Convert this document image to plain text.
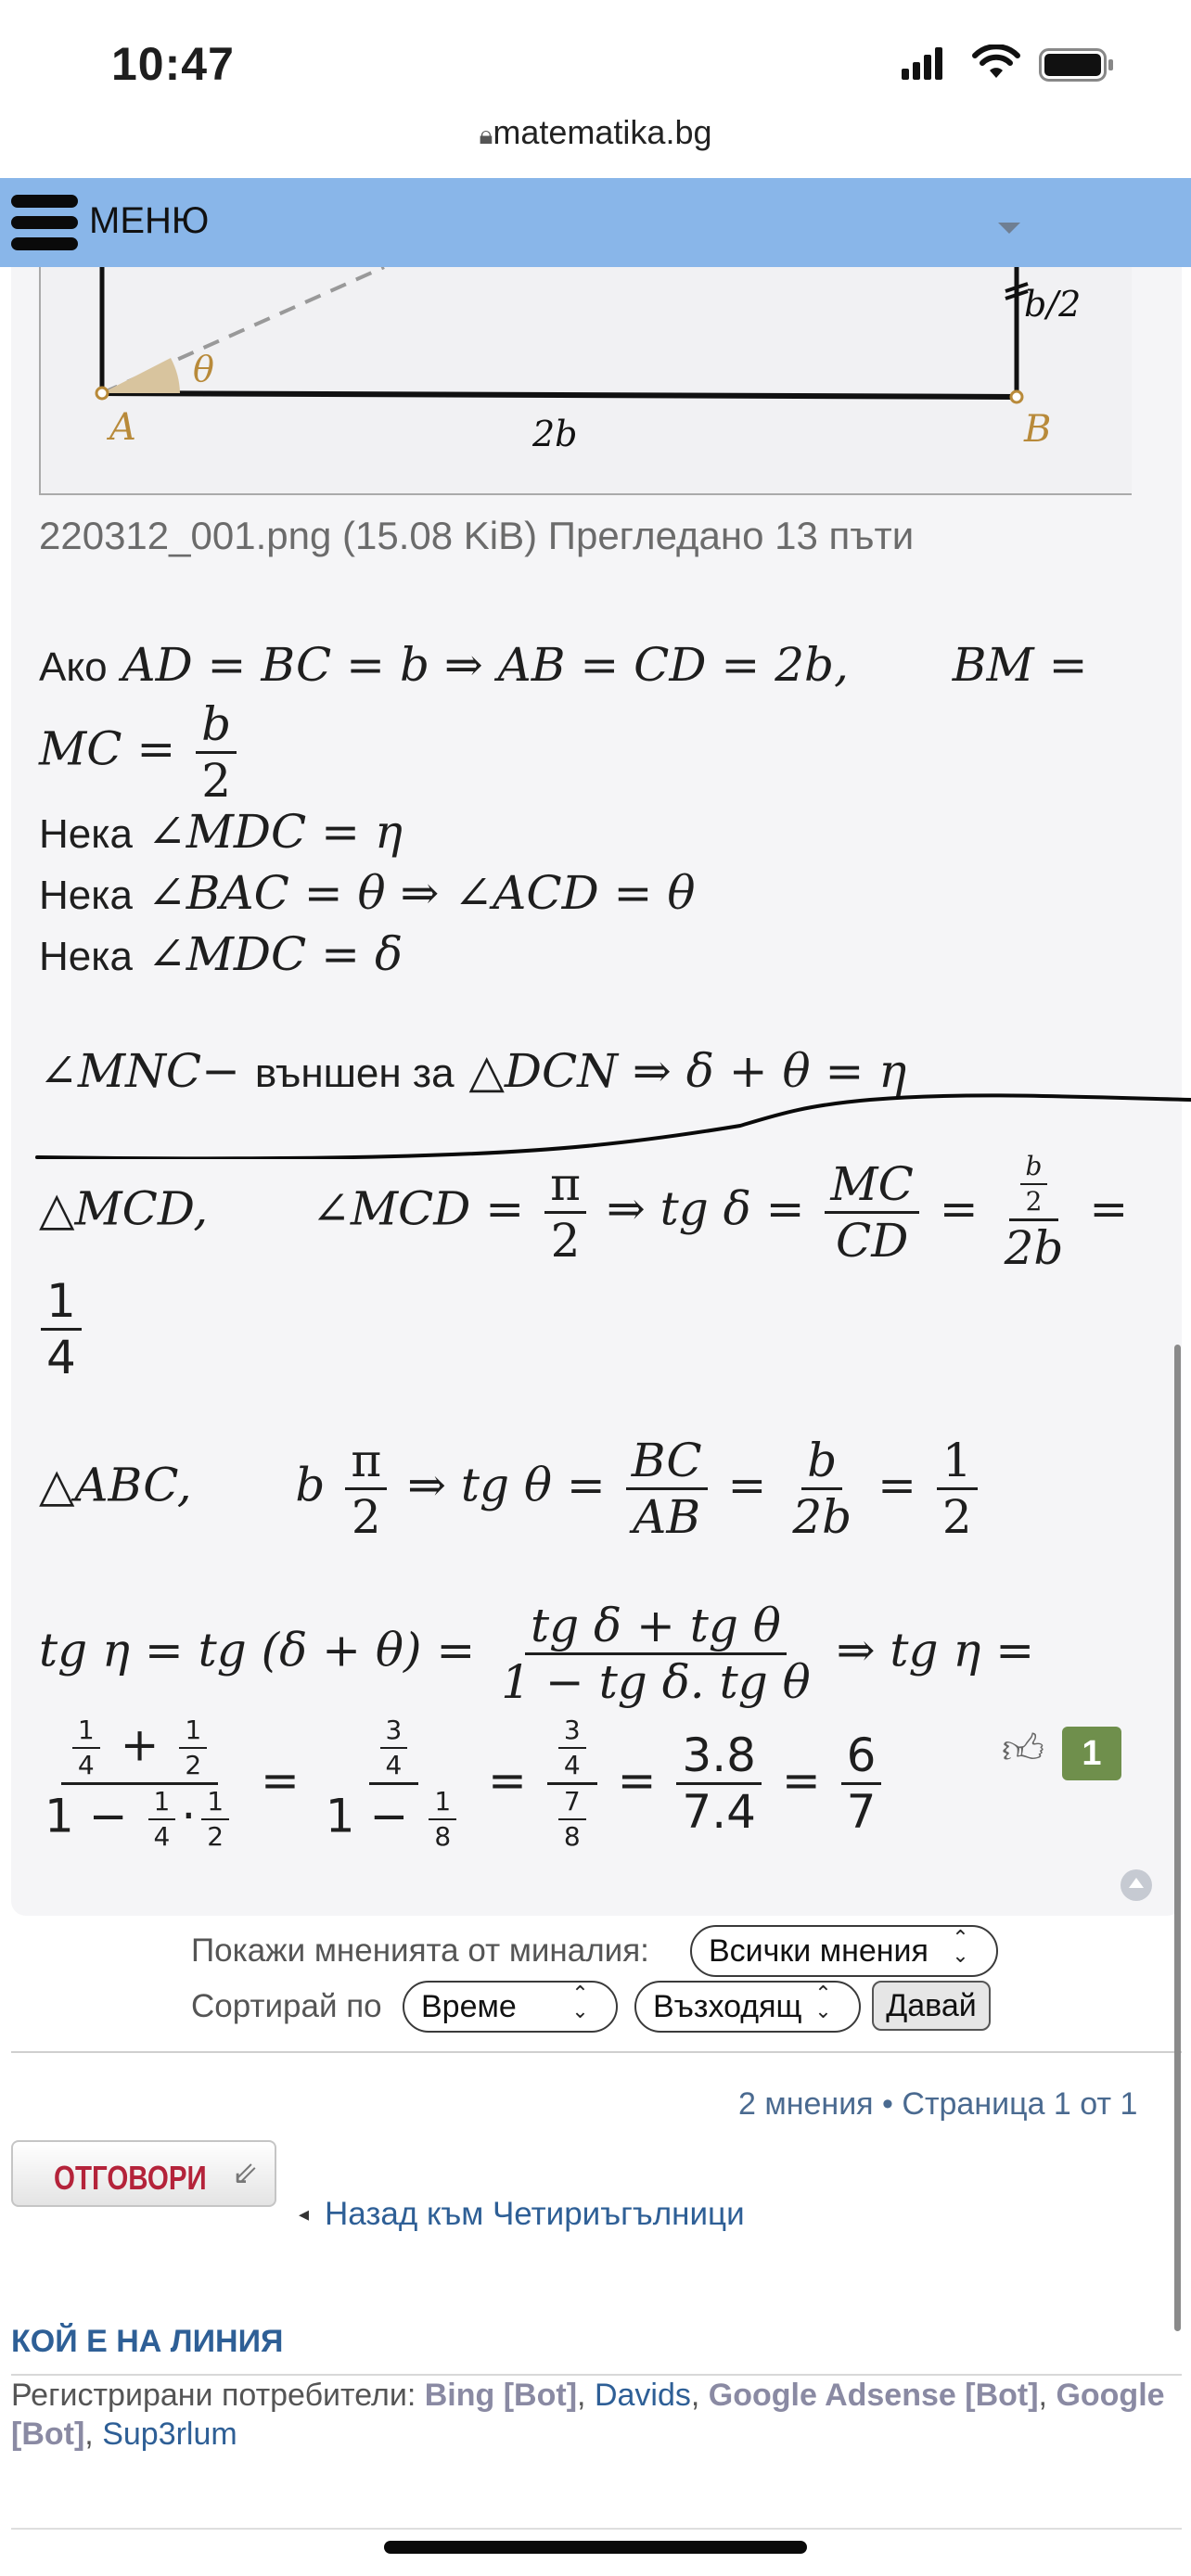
10:47
🔒︎matematika.bg
МЕНЮ
A	B
θ
2b
b/2
220312_001.png (15.08 KiB) Прегледано 13 пъти
Ако AD = BC = b ⇒ AB = CD = 2b, BM =
MC = $\frac{b}{2}$
Нека ∠MDC = η
Нека ∠BAC = θ ⇒ ∠ACD = θ
Нека ∠MDC = δ
∠MNC− външен за △DCN ⇒ δ + θ = η
△MCD, ∠MCD = $\frac{\pi}{2}$ ⇒ tg $\delta = \frac{MC}{CD} = \frac{\frac{b}{2}}{2b}$ =
$\frac{1}{4}$
△ABC, b $\frac{\pi}{2}$ ⇒ tg $\theta = \frac{BC}{AB} = \frac{b}{2b} = \frac{1}{2}$
tg η = tg $(\delta + \theta) = \frac{\text{tg δ + tg θ}}{\text{1 − tg δ. tg θ}}$ ⇒ tg η =
$\frac{\frac{1}{4} + \frac{1}{2}}{1 - \frac{1}{4} \cdot \frac{1}{2}} = \frac{\frac{3}{4}}{1 - \frac{1}{8}} = \frac{\frac{3}{4}}{\frac{7}{8}} = \frac{3.8}{7.4} = \frac{6}{7}$	👍︎	1
Покажи мненията от миналия:	Всички мнения ⌃⌄
Сортирай по	Време ⌃⌄	Възходящ ⌃⌄	Давай
2 мнения • Страница 1 от 1
ОТГОВОРИ ⇙
◂ Назад към Четириъгълници
КОЙ Е НА ЛИНИЯ
Регистрирани потребители: Bing [Bot], Davids, Google Adsense [Bot], Google [Bot], Sup3rlum
